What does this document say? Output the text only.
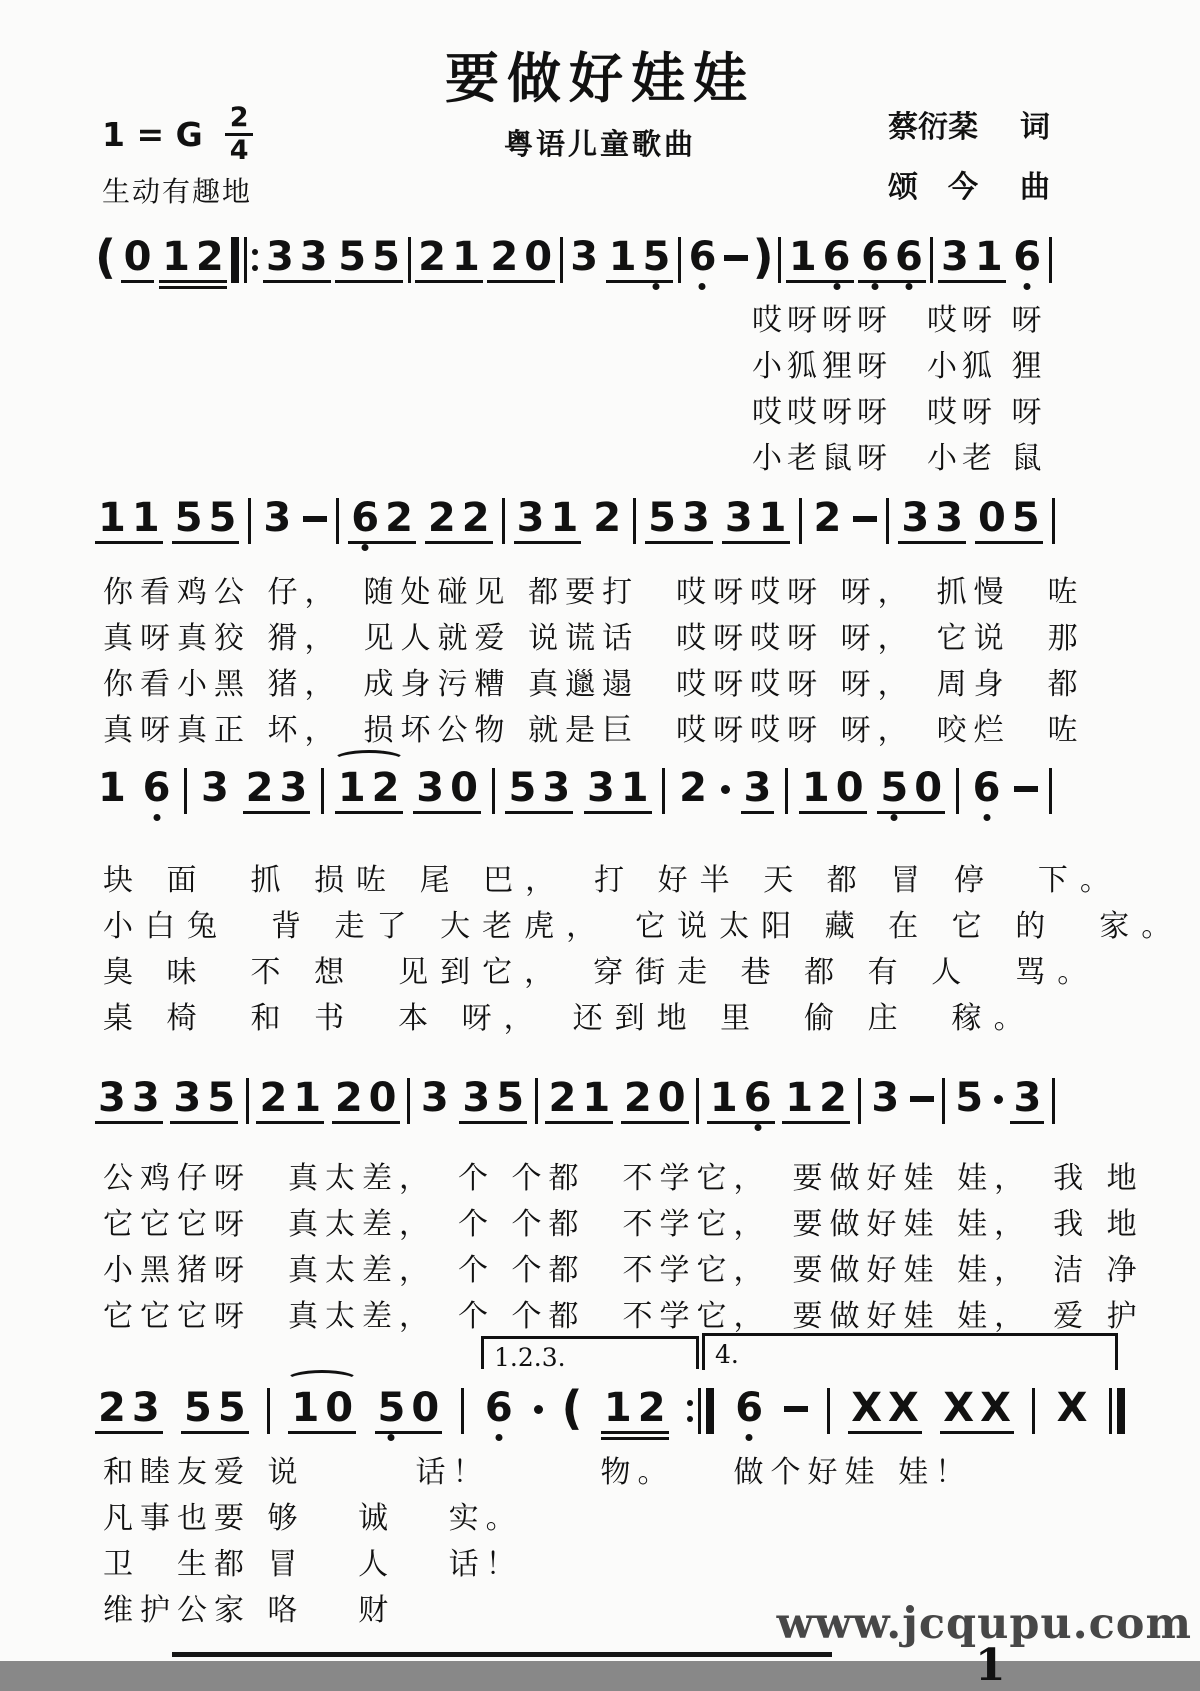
要做好娃娃
粤语儿童歌曲
1 = G $\frac{2}{4}$
生动有趣地
蔡衍棻 词
颂　今 曲
( 0 1 2 3 3 5 5 2 1 2 0 3 1 5 6 ) 1 6 6 6 3 1 6
1 1 5 5 3 6 2 2 2 3 1 2 5 3 3 1 2 3 3 0 5
1 6 3 2 3 1 2 3 0 5 3 3 1 2 3 1 0 5 0 6
3 3 3 5 2 1 2 0 3 3 5 2 1 2 0 1 6 1 2 3 5 3
2 3 5 5 1 0 5 0 6 ( 1 2 6 X X X X X
1.2.3.	4.
哎呀呀呀　哎呀 呀
小狐狸呀　小狐 狸
哎哎呀呀　哎呀 呀
小老鼠呀　小老 鼠
你看鸡公 仔，　随处碰见 都要打　哎呀哎呀 呀，　抓慢　咗
真呀真狡 猾，　见人就爱 说谎话　哎呀哎呀 呀，　它说　那
你看小黑 猪，　成身污糟 真邋遢　哎呀哎呀 呀，　周身　都
真呀真正 坏，　损坏公物 就是巨　哎呀哎呀 呀，　咬烂　咗
块 面　抓 损咗 尾 巴，　打 好半 天 都 冒 停　下。
小白兔　背 走了 大老虎，　它说太阳 藏 在 它 的　家。
臭 味　不 想　见到它，　穿街走 巷 都 有 人　骂。
桌 椅　和 书　本 呀，　还到地 里　偷 庄　稼。
公鸡仔呀　真太差，　个 个都　不学它，　要做好娃 娃，　我 地
它它它呀　真太差，　个 个都　不学它，　要做好娃 娃，　我 地
小黑猪呀　真太差，　个 个都　不学它，　要做好娃 娃，　洁 净
它它它呀　真太差，　个 个都　不学它，　要做好娃 娃，　爱 护
和睦友爱 说　　　话！　　　物。　　做个好娃 娃！
凡事也要 够　 诚　 实。
卫　生都 冒　 人　 话！
维护公家 咯　 财
1
www.jcqupu.com
